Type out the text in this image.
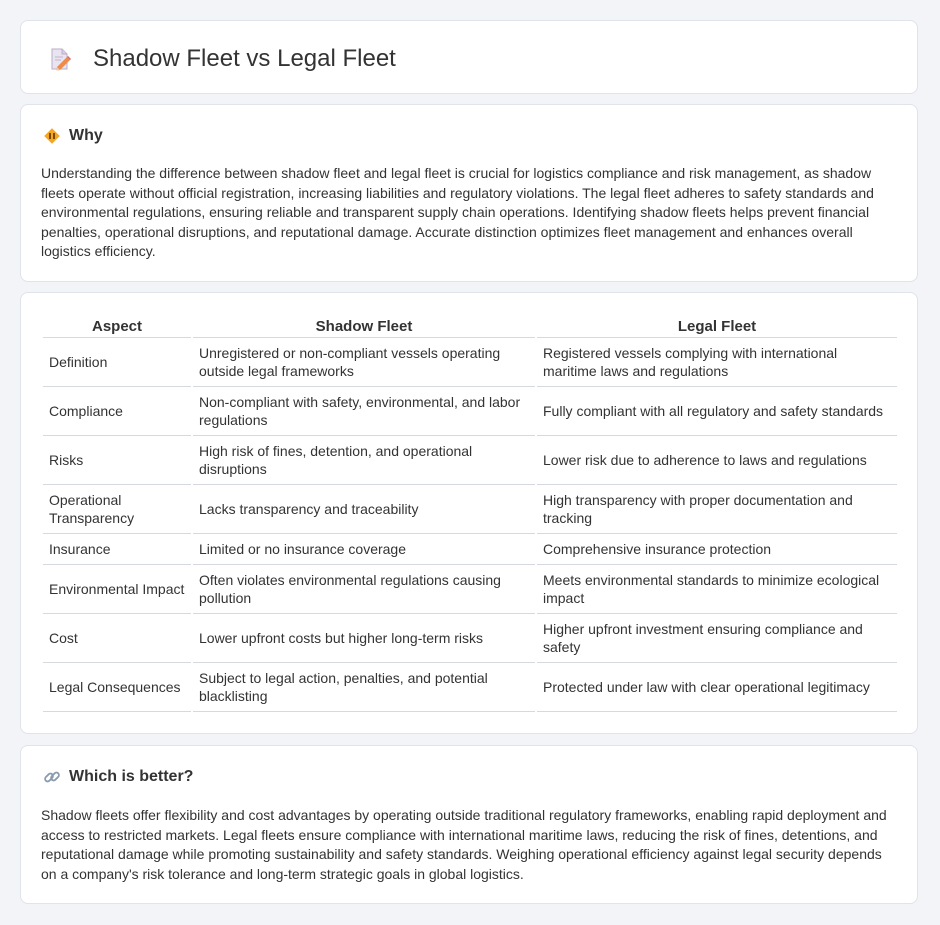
Shadow Fleet vs Legal Fleet
Why

Understanding the difference between shadow fleet and legal fleet is crucial for logistics compliance and risk management, as shadow fleets operate without official registration, increasing liabilities and regulatory violations. The legal fleet adheres to safety standards and environmental regulations, ensuring reliable and transparent supply chain operations. Identifying shadow fleets helps prevent financial penalties, operational disruptions, and reputational damage. Accurate distinction optimizes fleet management and enhances overall logistics efficiency.

Aspect	Shadow Fleet	Legal Fleet
Definition	Unregistered or non-compliant vessels operating outside legal frameworks	Registered vessels complying with international maritime laws and regulations
Compliance	Non-compliant with safety, environmental, and labor regulations	Fully compliant with all regulatory and safety standards
Risks	High risk of fines, detention, and operational disruptions	Lower risk due to adherence to laws and regulations
Operational Transparency	Lacks transparency and traceability	High transparency with proper documentation and tracking
Insurance	Limited or no insurance coverage	Comprehensive insurance protection
Environmental Impact	Often violates environmental regulations causing pollution	Meets environmental standards to minimize ecological impact
Cost	Lower upfront costs but higher long-term risks	Higher upfront investment ensuring compliance and safety
Legal Consequences	Subject to legal action, penalties, and potential blacklisting	Protected under law with clear operational legitimacy
Which is better?

Shadow fleets offer flexibility and cost advantages by operating outside traditional regulatory frameworks, enabling rapid deployment and access to restricted markets. Legal fleets ensure compliance with international maritime laws, reducing the risk of fines, detentions, and reputational damage while promoting sustainability and safety standards. Weighing operational efficiency against legal security depends on a company's risk tolerance and long-term strategic goals in global logistics.
